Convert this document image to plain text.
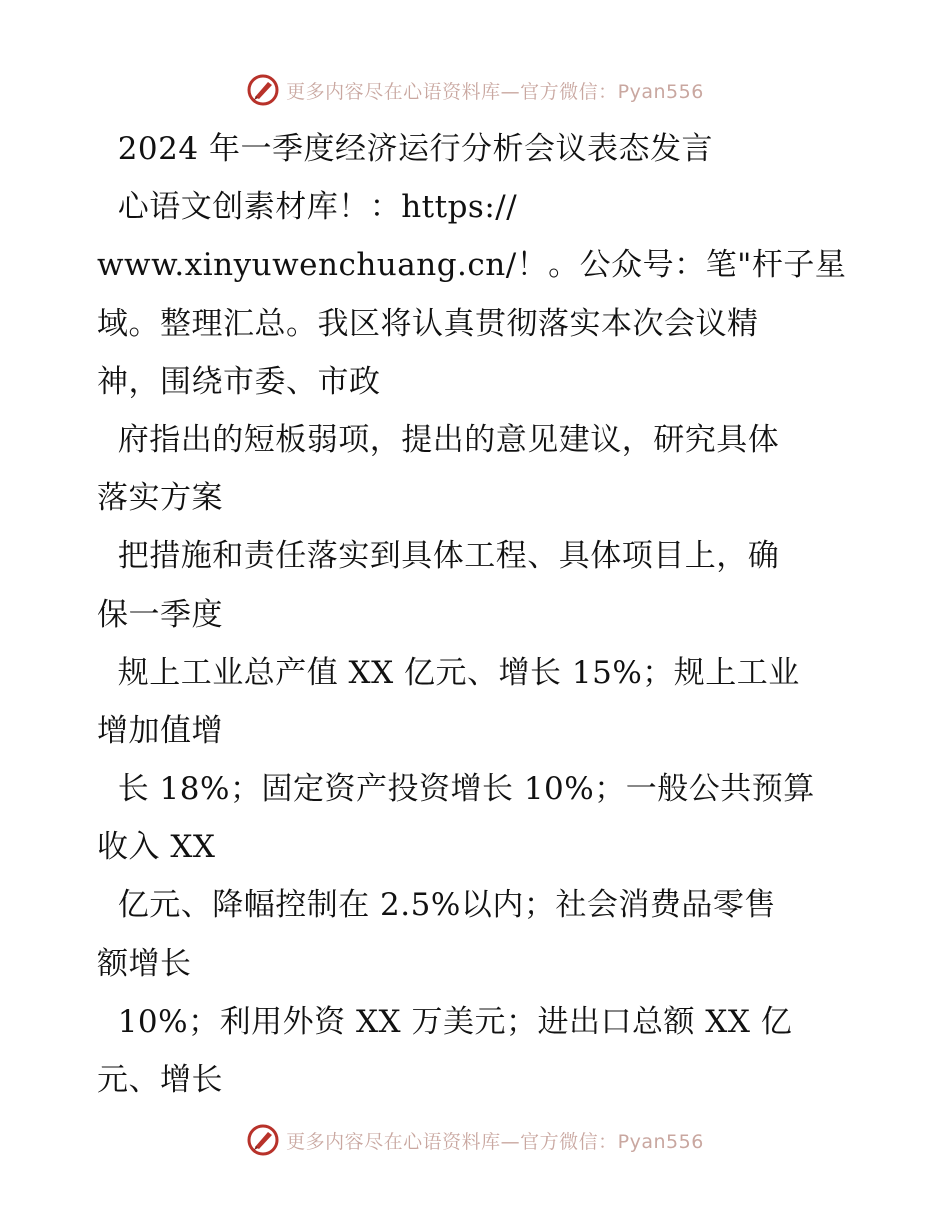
更多内容尽在心语资料库—官方微信：Pyan556
2024 年一季度经济运行分析会议表态发言
心语文创素材库！：https://
www.xinyuwenchuang.cn/！。公众号：笔"杆子星
域。整理汇总。我区将认真贯彻落实本次会议精
神，围绕市委、市政
府指出的短板弱项，提出的意见建议，研究具体
落实方案
把措施和责任落实到具体工程、具体项目上，确
保一季度
规上工业总产值 XX 亿元、增长 15%；规上工业
增加值增
长 18%；固定资产投资增长 10%；一般公共预算
收入 XX
亿元、降幅控制在 2.5%以内；社会消费品零售
额增长
10%；利用外资 XX 万美元；进出口总额 XX 亿
元、增长
更多内容尽在心语资料库—官方微信：Pyan556
